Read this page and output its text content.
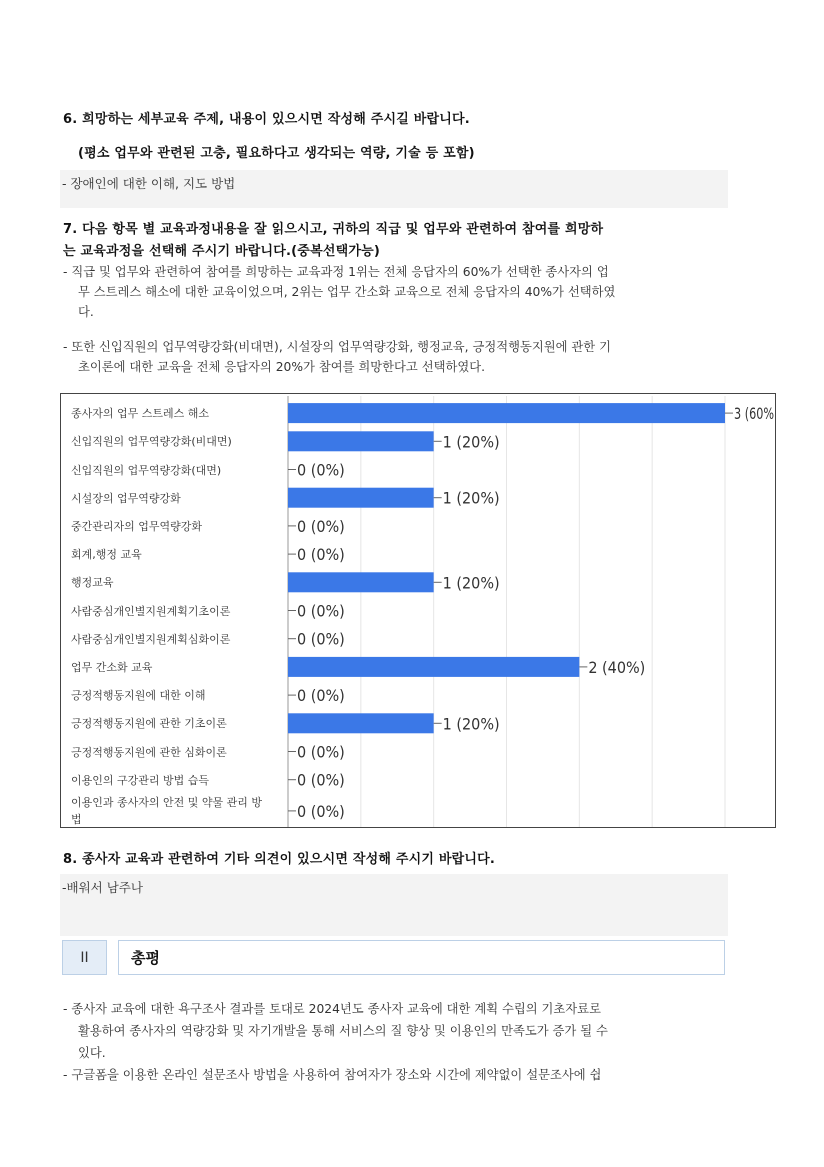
6. 희망하는 세부교육 주제, 내용이 있으시면 작성해 주시길 바랍니다.
(평소 업무와 관련된 고충, 필요하다고 생각되는 역량, 기술 등 포함)
- 장애인에 대한 이해, 지도 방법
7. 다음 항목 별 교육과정내용을 잘 읽으시고, 귀하의 직급 및 업무와 관련하여 참여를 희망하
는 교육과정을 선택해 주시기 바랍니다.(중복선택가능)
- 직급 및 업무와 관련하여 참여를 희망하는 교육과정 1위는 전체 응답자의 60%가 선택한 종사자의 업
무 스트레스 해소에 대한 교육이었으며, 2위는 업무 간소화 교육으로 전체 응답자의 40%가 선택하였
다.
- 또한 신입직원의 업무역량강화(비대면), 시설장의 업무역량강화, 행정교육, 긍정적행동지원에 관한 기
초이론에 대한 교육을 전체 응답자의 20%가 참여를 희망한다고 선택하였다.
종사자의 업무 스트레스 해소
신입직원의 업무역량강화(비대면)
신입직원의 업무역량강화(대면)
시설장의 업무역량강화
중간관리자의 업무역량강화
회계,행정 교육
행정교육
사람중심개인별지원계획기초이론
사람중심개인별지원계획심화이론
업무 간소화 교육
긍정적행동지원에 대한 이해
긍정적행동지원에 관한 기초이론
긍정적행동지원에 관한 심화이론
이용인의 구강관리 방법 습득
이용인과 종사자의 안전 및 약물 관리 방법
3 (60%
1 (20%)
0 (0%)
1 (20%)
0 (0%)
0 (0%)
1 (20%)
0 (0%)
0 (0%)
2 (40%)
0 (0%)
1 (20%)
0 (0%)
0 (0%)
0 (0%)
8. 종사자 교육과 관련하여 기타 의견이 있으시면 작성해 주시기 바랍니다.
-배워서 남주나
II	총평
- 종사자 교육에 대한 욕구조사 결과를 토대로 2024년도 종사자 교육에 대한 계획 수립의 기초자료로
활용하여 종사자의 역량강화 및 자기개발을 통해 서비스의 질 향상 및 이용인의 만족도가 증가 될 수
있다.
- 구글폼을 이용한 온라인 설문조사 방법을 사용하여 참여자가 장소와 시간에 제약없이 설문조사에 쉽
